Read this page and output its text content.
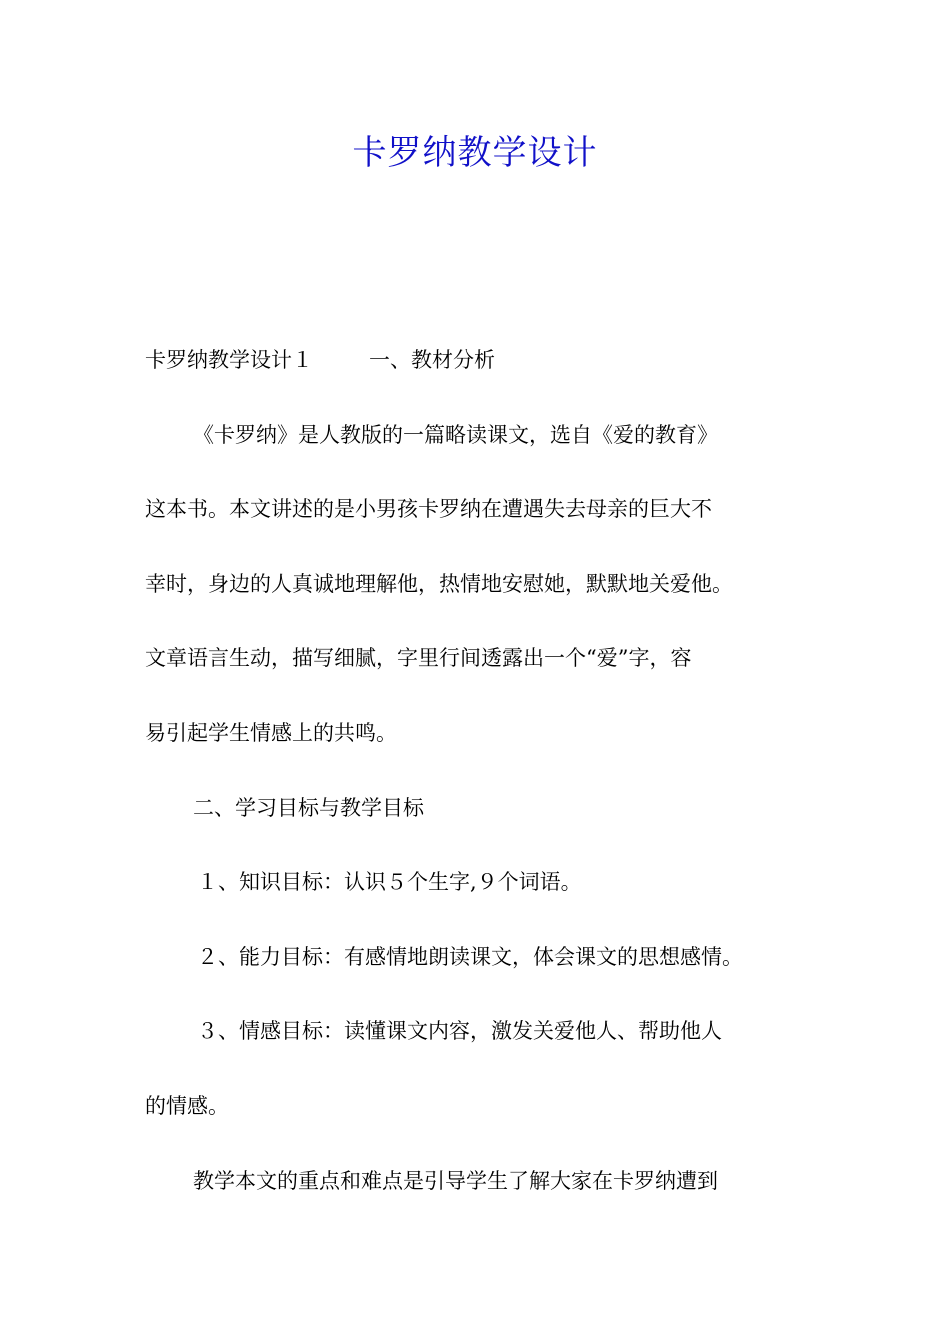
卡罗纳教学设计
卡罗纳教学设计１	一、教材分析
《卡罗纳》是人教版的一篇略读课文，选自《爱的教育》
这本书。本文讲述的是小男孩卡罗纳在遭遇失去母亲的巨大不
幸时，身边的人真诚地理解他，热情地安慰她，默默地关爱他。
文章语言生动，描写细腻，字里行间透露出一个“爱”字，容
易引起学生情感上的共鸣。
二、学习目标与教学目标
１、知识目标：认识５个生字,９个词语。
２、能力目标：有感情地朗读课文，体会课文的思想感情。
３、情感目标：读懂课文内容，激发关爱他人、帮助他人
的情感。
教学本文的重点和难点是引导学生了解大家在卡罗纳遭到
